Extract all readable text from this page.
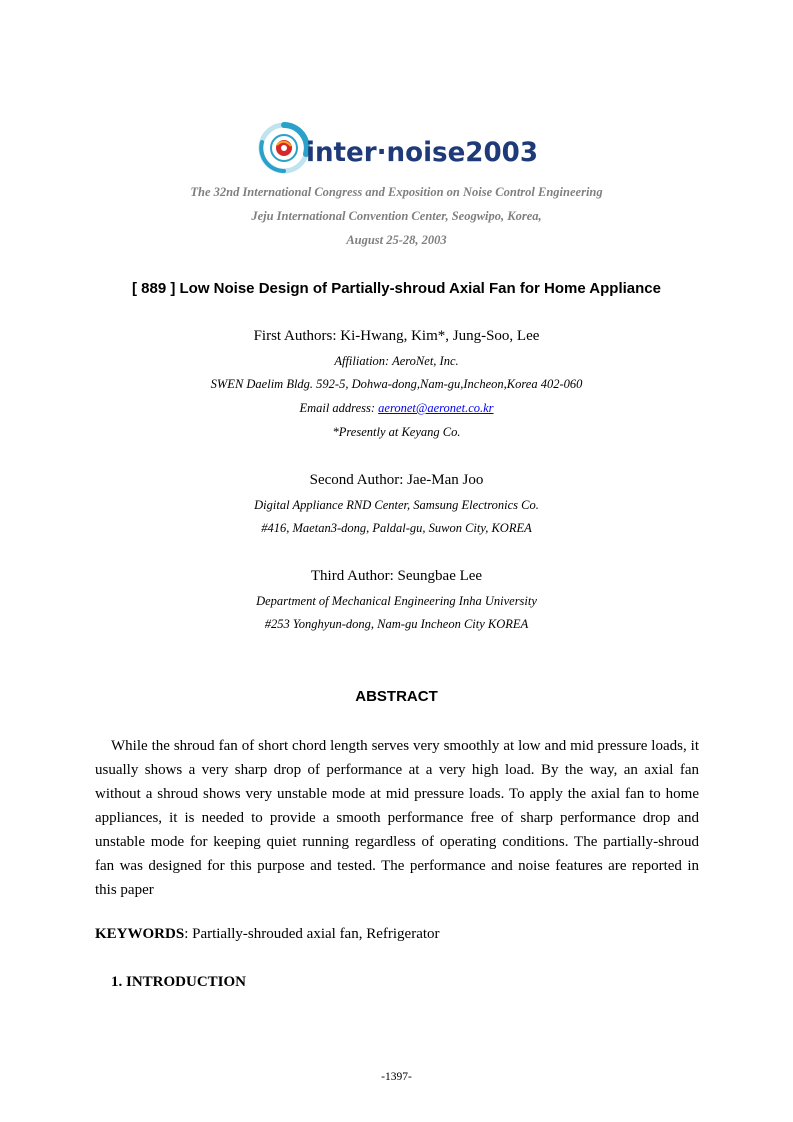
inter·noise2003
The 32nd International Congress and Exposition on Noise Control Engineering
Jeju International Convention Center, Seogwipo, Korea,
August 25-28, 2003
[ 889 ] Low Noise Design of Partially-shroud Axial Fan for Home Appliance
First Authors: Ki-Hwang, Kim*, Jung-Soo, Lee
Affiliation: AeroNet, Inc.
SWEN Daelim Bldg. 592-5, Dohwa-dong,Nam-gu,Incheon,Korea 402-060
Email address: aeronet@aeronet.co.kr
*Presently at Keyang Co.
Second Author: Jae-Man Joo
Digital Appliance RND Center, Samsung Electronics Co.
#416, Maetan3-dong, Paldal-gu, Suwon City, KOREA
Third Author: Seungbae Lee
Department of Mechanical Engineering Inha University
#253 Yonghyun-dong, Nam-gu Incheon City KOREA
ABSTRACT
While the shroud fan of short chord length serves very smoothly at low and mid pressure loads, it usually shows a very sharp drop of performance at a very high load. By the way, an axial fan without a shroud shows very unstable mode at mid pressure loads. To apply the axial fan to home appliances, it is needed to provide a smooth performance free of sharp performance drop and unstable mode for keeping quiet running regardless of operating conditions. The partially-shroud fan was designed for this purpose and tested. The performance and noise features are reported in this paper
KEYWORDS: Partially-shrouded axial fan, Refrigerator
1. INTRODUCTION
-1397-
